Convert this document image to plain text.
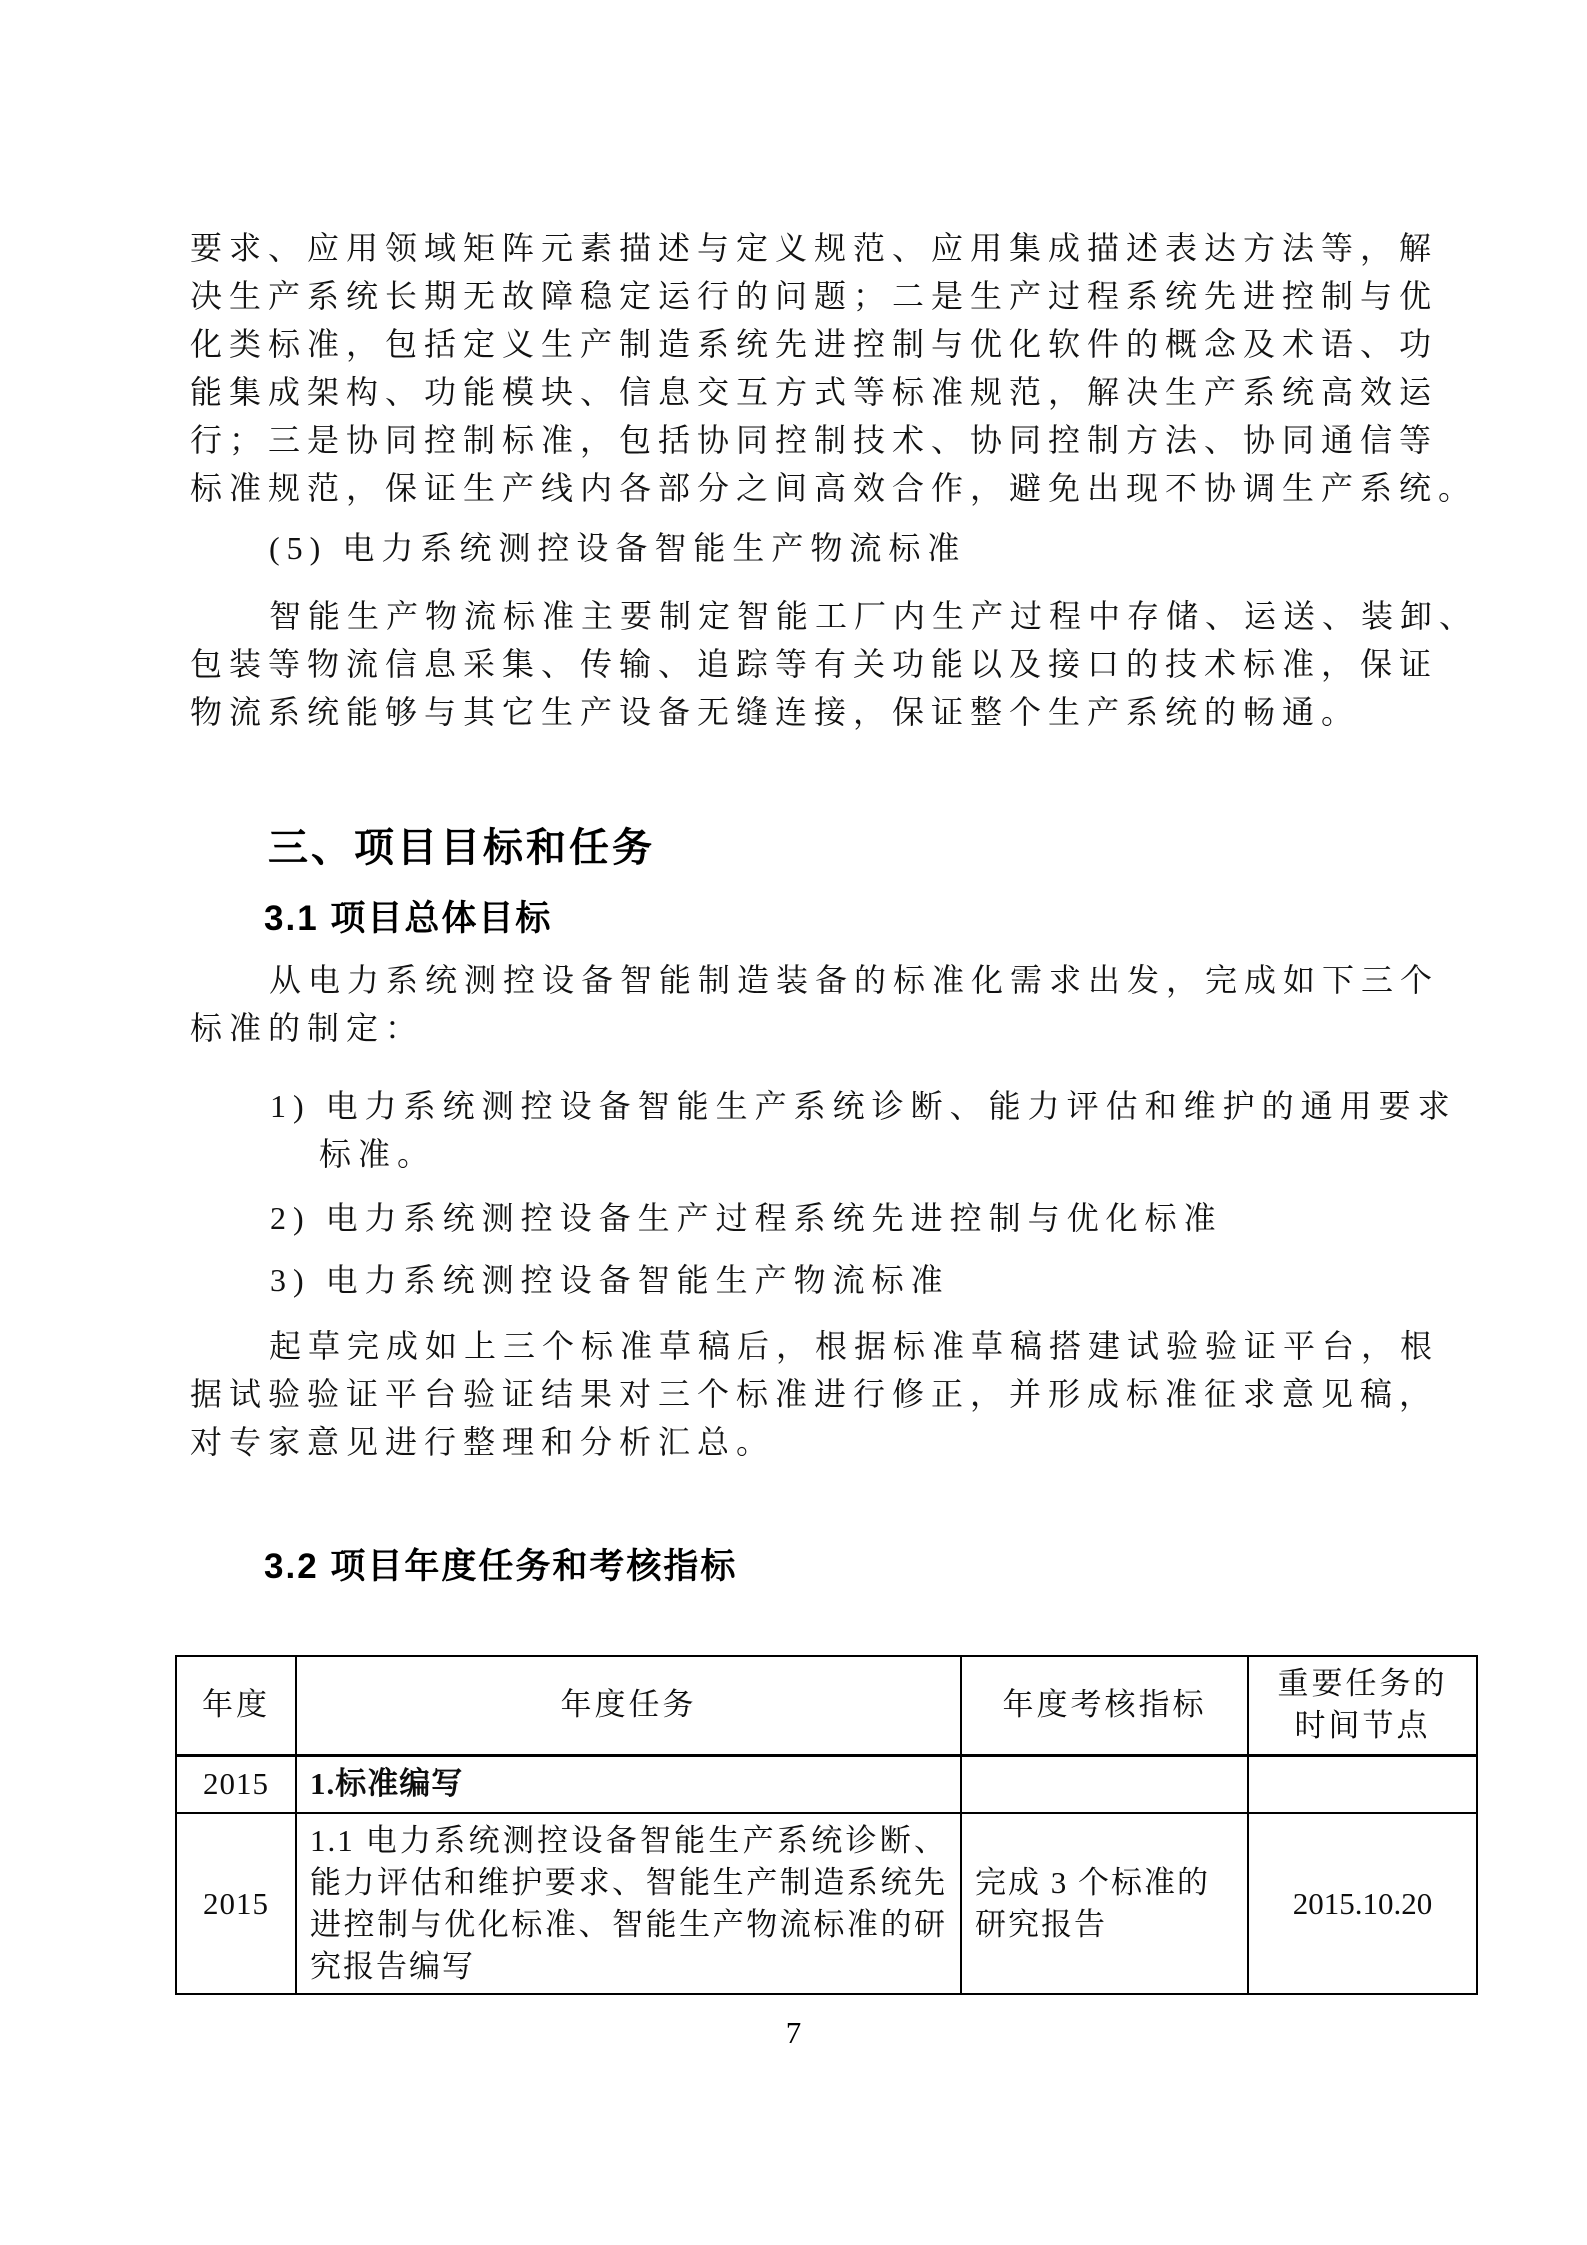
要求、应用领域矩阵元素描述与定义规范、应用集成描述表达方法等，解
决生产系统长期无故障稳定运行的问题；二是生产过程系统先进控制与优
化类标准，包括定义生产制造系统先进控制与优化软件的概念及术语、功
能集成架构、功能模块、信息交互方式等标准规范，解决生产系统高效运
行；三是协同控制标准，包括协同控制技术、协同控制方法、协同通信等
标准规范，保证生产线内各部分之间高效合作，避免出现不协调生产系统。
(5) 电力系统测控设备智能生产物流标准
智能生产物流标准主要制定智能工厂内生产过程中存储、运送、装卸、
包装等物流信息采集、传输、追踪等有关功能以及接口的技术标准，保证
物流系统能够与其它生产设备无缝连接，保证整个生产系统的畅通。
三、项目目标和任务
3.1 项目总体目标
从电力系统测控设备智能制造装备的标准化需求出发，完成如下三个
标准的制定：
1) 电力系统测控设备智能生产系统诊断、能力评估和维护的通用要求
标准。
2) 电力系统测控设备生产过程系统先进控制与优化标准
3) 电力系统测控设备智能生产物流标准
起草完成如上三个标准草稿后，根据标准草稿搭建试验验证平台，根
据试验验证平台验证结果对三个标准进行修正，并形成标准征求意见稿，
对专家意见进行整理和分析汇总。
3.2 项目年度任务和考核指标
年度	年度任务	年度考核指标	重要任务的时间节点
2015	1.标准编写		
2015	1.1 电力系统测控设备智能生产系统诊断、能力评估和维护要求、智能生产制造系统先进控制与优化标准、智能生产物流标准的研究报告编写	完成 3 个标准的研究报告	2015.10.20
7
